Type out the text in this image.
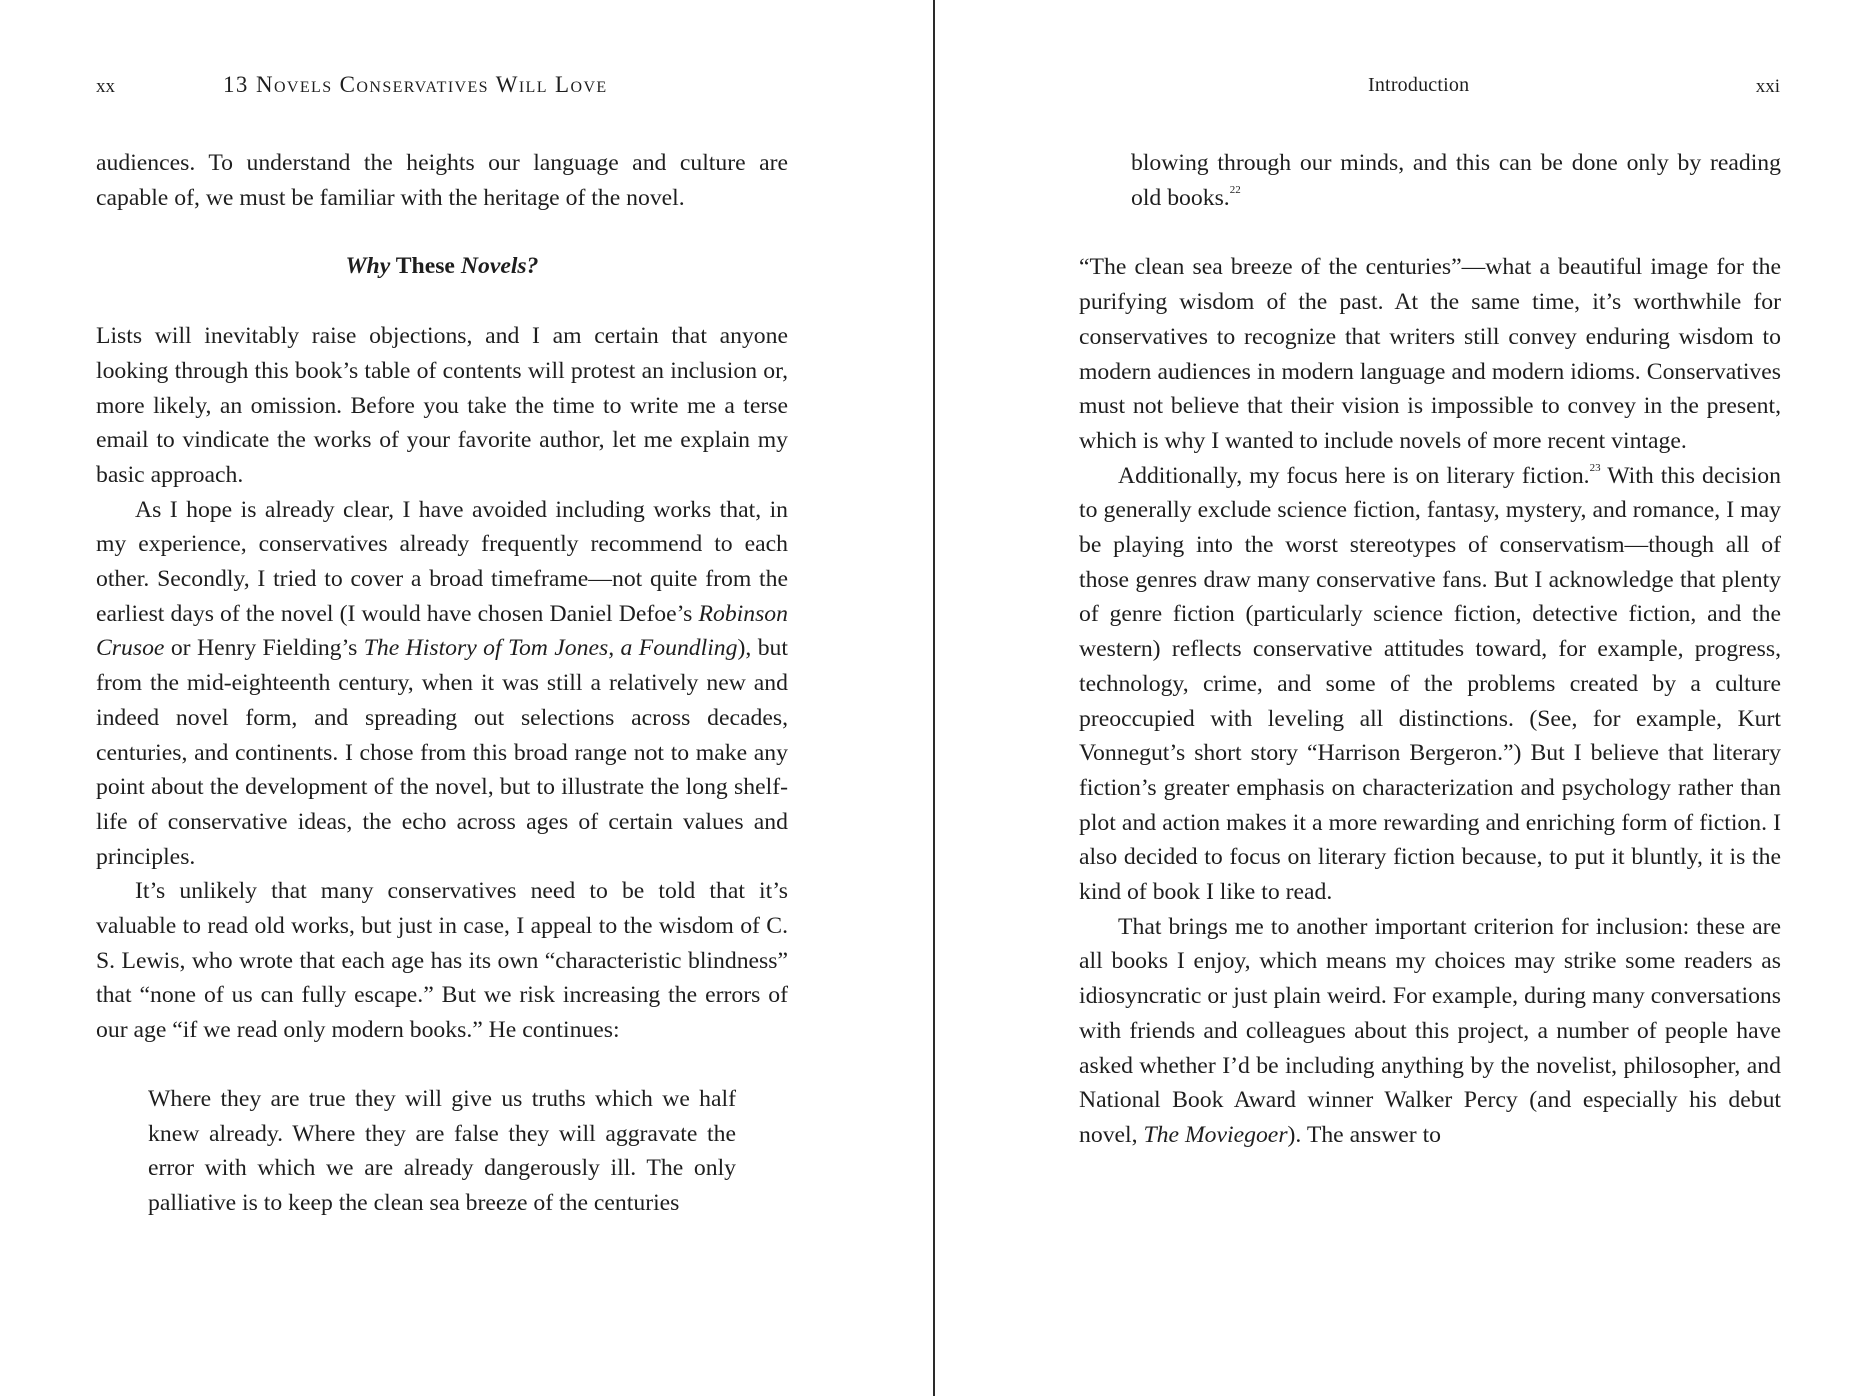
xx	13 Novels Conservatives Will Love

audiences. To understand the heights our language and culture are capable of, we must be familiar with the heritage of the novel.

Why These Novels?

Lists will inevitably raise objections, and I am certain that anyone looking through this book’s table of contents will protest an inclusion or, more likely, an omission. Before you take the time to write me a terse email to vindicate the works of your favorite author, let me explain my basic approach.

As I hope is already clear, I have avoided including works that, in my experience, conservatives already frequently recommend to each other. Secondly, I tried to cover a broad timeframe—not quite from the earliest days of the novel (I would have chosen Daniel Defoe’s Robinson Crusoe or Henry Fielding’s The History of Tom Jones, a Foundling), but from the mid-eighteenth century, when it was still a relatively new and indeed novel form, and spreading out selections across decades, centuries, and continents. I chose from this broad range not to make any point about the development of the novel, but to illustrate the long shelf-life of conservative ideas, the echo across ages of certain values and principles.

It’s unlikely that many conservatives need to be told that it’s valuable to read old works, but just in case, I appeal to the wisdom of C. S. Lewis, who wrote that each age has its own “characteristic blindness” that “none of us can fully escape.” But we risk increasing the errors of our age “if we read only modern books.” He continues:

Where they are true they will give us truths which we half knew already. Where they are false they will aggravate the error with which we are already dangerously ill. The only palliative is to keep the clean sea breeze of the centuries

Introduction	xxi

blowing through our minds, and this can be done only by reading old books.$^{22}$

“The clean sea breeze of the centuries”—what a beautiful image for the purifying wisdom of the past. At the same time, it’s worthwhile for conservatives to recognize that writers still convey enduring wisdom to modern audiences in modern language and modern idioms. Conservatives must not believe that their vision is impossible to convey in the present, which is why I wanted to include novels of more recent vintage.

Additionally, my focus here is on literary fiction.$^{23}$ With this decision to generally exclude science fiction, fantasy, mystery, and romance, I may be playing into the worst stereotypes of conservatism—though all of those genres draw many conservative fans. But I acknowledge that plenty of genre fiction (particularly science fiction, detective fiction, and the western) reflects conservative attitudes toward, for example, progress, technology, crime, and some of the problems created by a culture preoccupied with leveling all distinctions. (See, for example, Kurt Vonnegut’s short story “Harrison Bergeron.”) But I believe that literary fiction’s greater emphasis on characterization and psychology rather than plot and action makes it a more rewarding and enriching form of fiction. I also decided to focus on literary fiction because, to put it bluntly, it is the kind of book I like to read.

That brings me to another important criterion for inclusion: these are all books I enjoy, which means my choices may strike some readers as idiosyncratic or just plain weird. For example, during many conversations with friends and colleagues about this project, a number of people have asked whether I’d be including anything by the novelist, philosopher, and National Book Award winner Walker Percy (and especially his debut novel, The Moviegoer). The answer to
